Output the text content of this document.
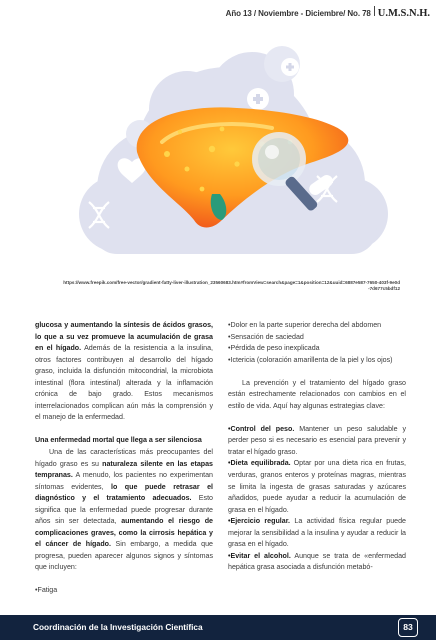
Año 13 / Noviembre - Diciembre/ No. 78 U.M.S.N.H.
https://www.freepik.com/free-vector/gradient-fatty-liver-illustration_23560683.htm#fromView=search&page=1&position=12&uuid=6887e587-7650-403f-9e0d-7d677c5bdf12

glucosa y aumentando la síntesis de ácidos grasos, lo que a su vez promueve la acumulación de grasa en el hígado. Además de la resistencia a la insulina, otros factores contribuyen al desarrollo del hígado graso, incluida la disfunción mitocondrial, la microbiota intestinal (flora intestinal) alterada y la inflamación crónica de bajo grado. Estos mecanismos interrelacionados complican aún más la comprensión y el manejo de la enfermedad.

Una enfermedad mortal que llega a ser silenciosa

Una de las características más preocupantes del hígado graso es su naturaleza silente en las etapas tempranas. A menudo, los pacientes no experimentan síntomas evidentes, lo que puede retrasar el diagnóstico y el tratamiento adecuados. Esto significa que la enfermedad puede progresar durante años sin ser detectada, aumentando el riesgo de complicaciones graves, como la cirrosis hepática y el cáncer de hígado. Sin embargo, a medida que progresa, pueden aparecer algunos signos y síntomas que incluyen:

•Fatiga

•Dolor en la parte superior derecha del abdomen

•Sensación de saciedad

•Pérdida de peso inexplicada

•Ictericia (coloración amarillenta de la piel y los ojos)

La prevención y el tratamiento del hígado graso están estrechamente relacionados con cambios en el estilo de vida. Aquí hay algunas estrategias clave:

•Control del peso. Mantener un peso saludable y perder peso si es necesario es esencial para prevenir y tratar el hígado graso.

•Dieta equilibrada. Optar por una dieta rica en frutas, verduras, granos enteros y proteínas magras, mientras se limita la ingesta de grasas saturadas y azúcares añadidos, puede ayudar a reducir la acumulación de grasa en el hígado.

•Ejercicio regular. La actividad física regular puede mejorar la sensibilidad a la insulina y ayudar a reducir la grasa en el hígado.

•Evitar el alcohol. Aunque se trata de «enfermedad hepática grasa asociada a disfunción metabó-

Coordinación de la Investigación Científica	83
